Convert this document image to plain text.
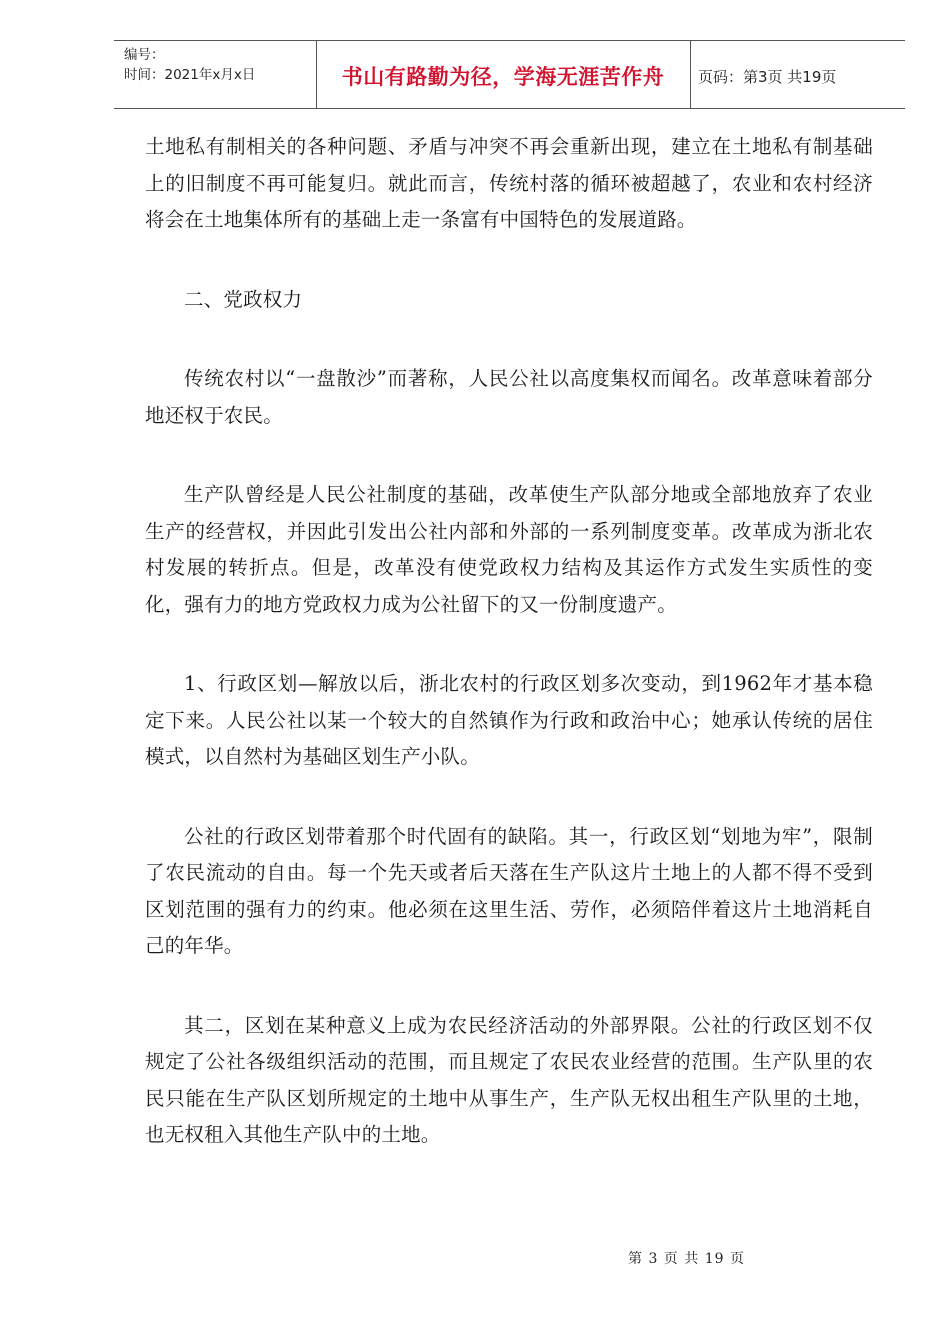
编号：
时间：2021年x月x日	书山有路勤为径，学海无涯苦作舟	页码：第3页 共19页

土地私有制相关的各种问题、矛盾与冲突不再会重新出现，建立在土地私有制基础上的旧制度不再可能复归。就此而言，传统村落的循环被超越了，农业和农村经济将会在土地集体所有的基础上走一条富有中国特色的发展道路。

二、党政权力

传统农村以“一盘散沙”而著称，人民公社以高度集权而闻名。改革意味着部分地还权于农民。

生产队曾经是人民公社制度的基础，改革使生产队部分地或全部地放弃了农业生产的经营权，并因此引发出公社内部和外部的一系列制度变革。改革成为浙北农村发展的转折点。但是，改革没有使党政权力结构及其运作方式发生实质性的变化，强有力的地方党政权力成为公社留下的又一份制度遗产。

1、行政区划—解放以后，浙北农村的行政区划多次变动，到1962年才基本稳定下来。人民公社以某一个较大的自然镇作为行政和政治中心；她承认传统的居住模式，以自然村为基础区划生产小队。

公社的行政区划带着那个时代固有的缺陷。其一，行政区划“划地为牢”，限制了农民流动的自由。每一个先天或者后天落在生产队这片土地上的人都不得不受到区划范围的强有力的约束。他必须在这里生活、劳作，必须陪伴着这片土地消耗自己的年华。

其二，区划在某种意义上成为农民经济活动的外部界限。公社的行政区划不仅规定了公社各级组织活动的范围，而且规定了农民农业经营的范围。生产队里的农民只能在生产队区划所规定的土地中从事生产，生产队无权出租生产队里的土地，也无权租入其他生产队中的土地。

第 3 页 共 19 页
